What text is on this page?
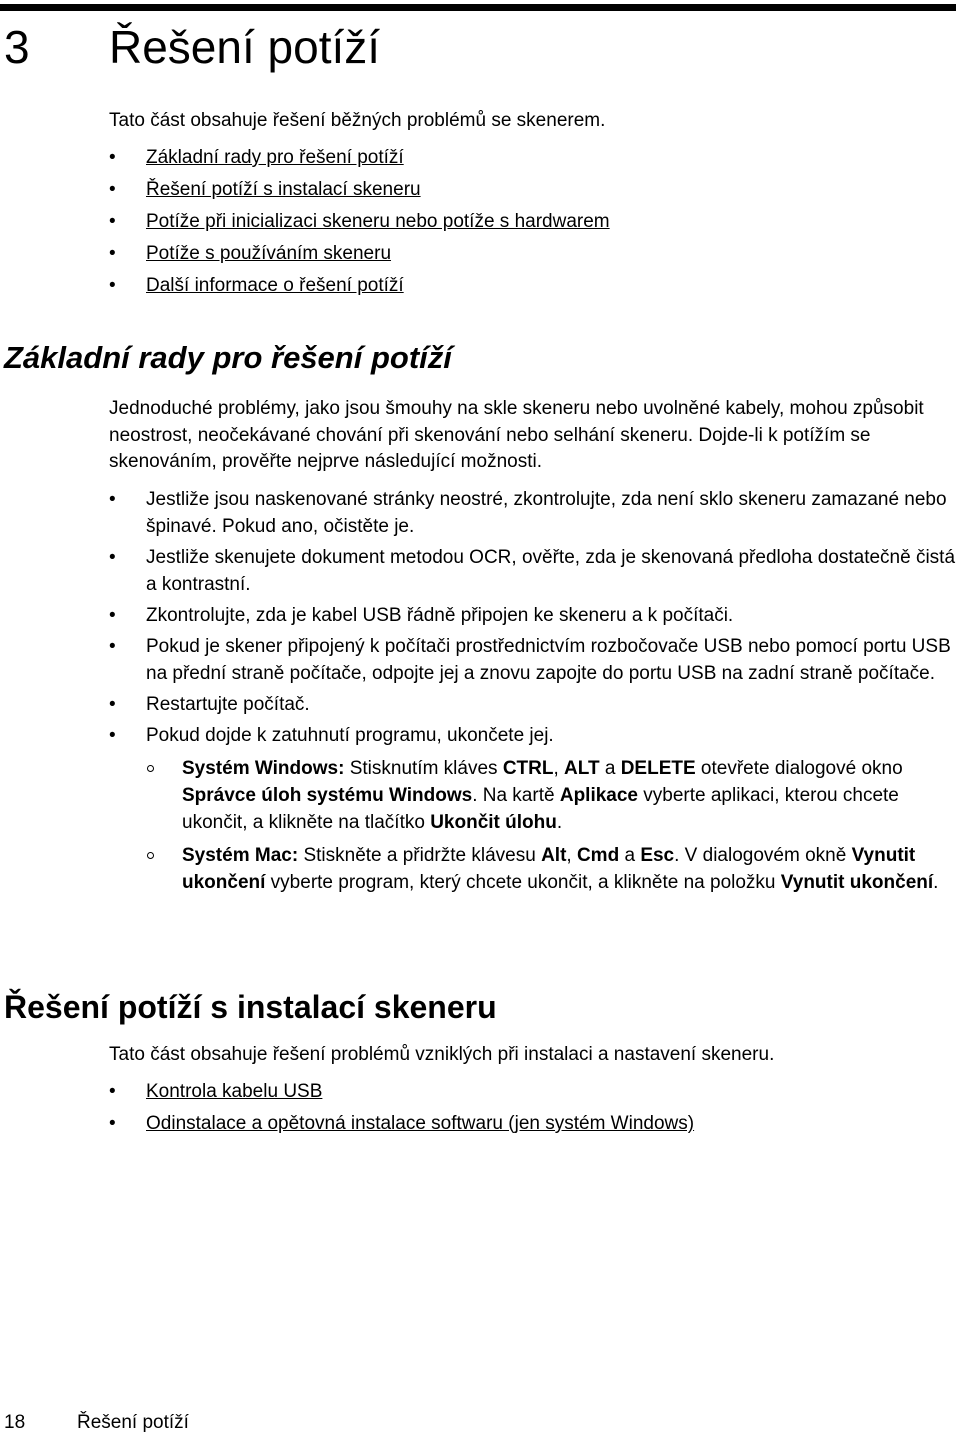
3 Řešení potíží

Tato část obsahuje řešení běžných problémů se skenerem.

• Základní rady pro řešení potíží
• Řešení potíží s instalací skeneru
• Potíže při inicializaci skeneru nebo potíže s hardwarem
• Potíže s používáním skeneru
• Další informace o řešení potíží
Základní rady pro řešení potíží

Jednoduché problémy, jako jsou šmouhy na skle skeneru nebo uvolněné kabely, mohou způsobit neostrost, neočekávané chování při skenování nebo selhání skeneru. Dojde-li k potížím se skenováním, prověřte nejprve následující možnosti.

• Jestliže jsou naskenované stránky neostré, zkontrolujte, zda není sklo skeneru zamazané nebo špinavé. Pokud ano, očistěte je.
• Jestliže skenujete dokument metodou OCR, ověřte, zda je skenovaná předloha dostatečně čistá a kontrastní.
• Zkontrolujte, zda je kabel USB řádně připojen ke skeneru a k počítači.
• Pokud je skener připojený k počítači prostřednictvím rozbočovače USB nebo pomocí portu USB na přední straně počítače, odpojte jej a znovu zapojte do portu USB na zadní straně počítače.
• Restartujte počítač.
• Pokud dojde k zatuhnutí programu, ukončete jej.
Systém Windows: Stisknutím kláves CTRL, ALT a DELETE otevřete dialogové okno Správce úloh systému Windows. Na kartě Aplikace vyberte aplikaci, kterou chcete ukončit, a klikněte na tlačítko Ukončit úlohu.
Systém Mac: Stiskněte a přidržte klávesu Alt, Cmd a Esc. V dialogovém okně Vynutit ukončení vyberte program, který chcete ukončit, a klikněte na položku Vynutit ukončení.
Řešení potíží s instalací skeneru

Tato část obsahuje řešení problémů vzniklých při instalaci a nastavení skeneru.

• Kontrola kabelu USB
• Odinstalace a opětovná instalace softwaru (jen systém Windows)
18	Řešení potíží
